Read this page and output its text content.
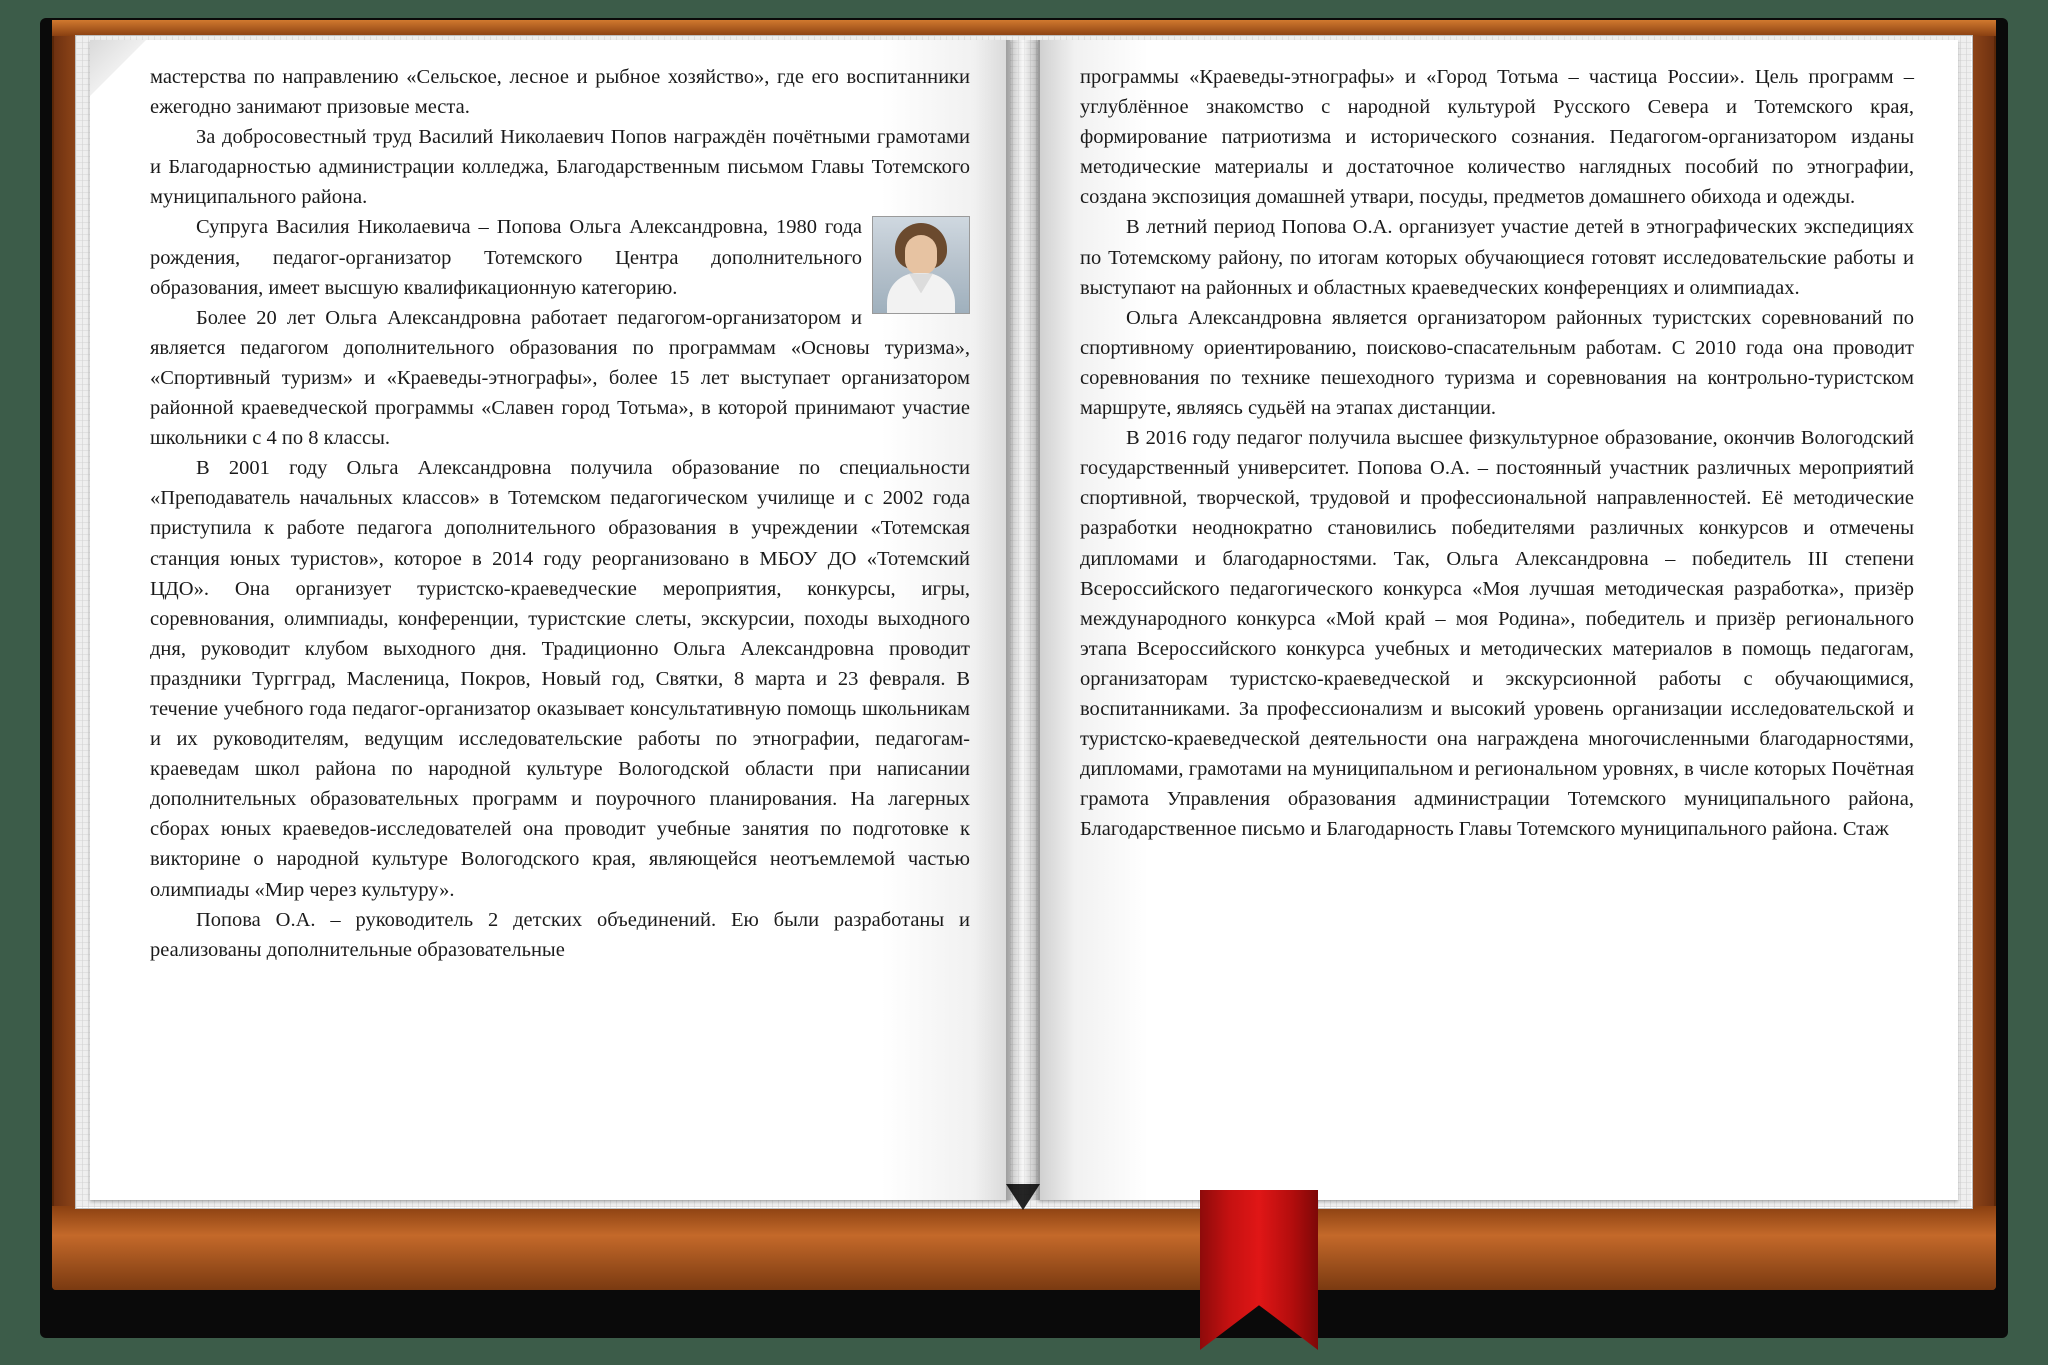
мастерства по направлению «Сельское, лесное и рыбное хозяйство», где его воспитанники ежегодно занимают призовые места.

За добросовестный труд Василий Николаевич Попов награждён почётными грамотами и Благодарностью администрации колледжа, Благодарственным письмом Главы Тотемского муниципального района.

Супруга Василия Николаевича – Попова Ольга Александровна, 1980 года рождения, педагог-организатор Тотемского Центра дополнительного образования, имеет высшую квалификационную категорию.

Более 20 лет Ольга Александровна работает педагогом-организатором и является педагогом дополнительного образования по программам «Основы туризма», «Спортивный туризм» и «Краеведы-этнографы», более 15 лет выступает организатором районной краеведческой программы «Славен город Тотьма», в которой принимают участие школьники с 4 по 8 классы.

В 2001 году Ольга Александровна получила образование по специальности «Преподаватель начальных классов» в Тотемском педагогическом училище и с 2002 года приступила к работе педагога дополнительного образования в учреждении «Тотемская станция юных туристов», которое в 2014 году реорганизовано в МБОУ ДО «Тотемский ЦДО». Она организует туристско-краеведческие мероприятия, конкурсы, игры, соревнования, олимпиады, конференции, туристские слеты, экскурсии, походы выходного дня, руководит клубом выходного дня. Традиционно Ольга Александровна проводит праздники Тургград, Масленица, Покров, Новый год, Святки, 8 марта и 23 февраля. В течение учебного года педагог-организатор оказывает консультативную помощь школьникам и их руководителям, ведущим исследовательские работы по этнографии, педагогам-краеведам школ района по народной культуре Вологодской области при написании дополнительных образовательных программ и поурочного планирования. На лагерных сборах юных краеведов-исследователей она проводит учебные занятия по подготовке к викторине о народной культуре Вологодского края, являющейся неотъемлемой частью олимпиады «Мир через культуру».

Попова О.А. – руководитель 2 детских объединений. Ею были разработаны и реализованы дополнительные образовательные

программы «Краеведы-этнографы» и «Город Тотьма – частица России». Цель программ – углублённое знакомство с народной культурой Русского Севера и Тотемского края, формирование патриотизма и исторического сознания. Педагогом-организатором изданы методические материалы и достаточное количество наглядных пособий по этнографии, создана экспозиция домашней утвари, посуды, предметов домашнего обихода и одежды.

В летний период Попова О.А. организует участие детей в этнографических экспедициях по Тотемскому району, по итогам которых обучающиеся готовят исследовательские работы и выступают на районных и областных краеведческих конференциях и олимпиадах.

Ольга Александровна является организатором районных туристских соревнований по спортивному ориентированию, поисково-спасательным работам. С 2010 года она проводит соревнования по технике пешеходного туризма и соревнования на контрольно-туристском маршруте, являясь судьёй на этапах дистанции.

В 2016 году педагог получила высшее физкультурное образование, окончив Вологодский государственный университет. Попова О.А. – постоянный участник различных мероприятий спортивной, творческой, трудовой и профессиональной направленностей. Её методические разработки неоднократно становились победителями различных конкурсов и отмечены дипломами и благодарностями. Так, Ольга Александровна – победитель III степени Всероссийского педагогического конкурса «Моя лучшая методическая разработка», призёр международного конкурса «Мой край – моя Родина», победитель и призёр регионального этапа Всероссийского конкурса учебных и методических материалов в помощь педагогам, организаторам туристско-краеведческой и экскурсионной работы с обучающимися, воспитанниками. За профессионализм и высокий уровень организации исследовательской и туристско-краеведческой деятельности она награждена многочисленными благодарностями, дипломами, грамотами на муниципальном и региональном уровнях, в числе которых Почётная грамота Управления образования администрации Тотемского муниципального района, Благодарственное письмо и Благодарность Главы Тотемского муниципального района. Стаж
